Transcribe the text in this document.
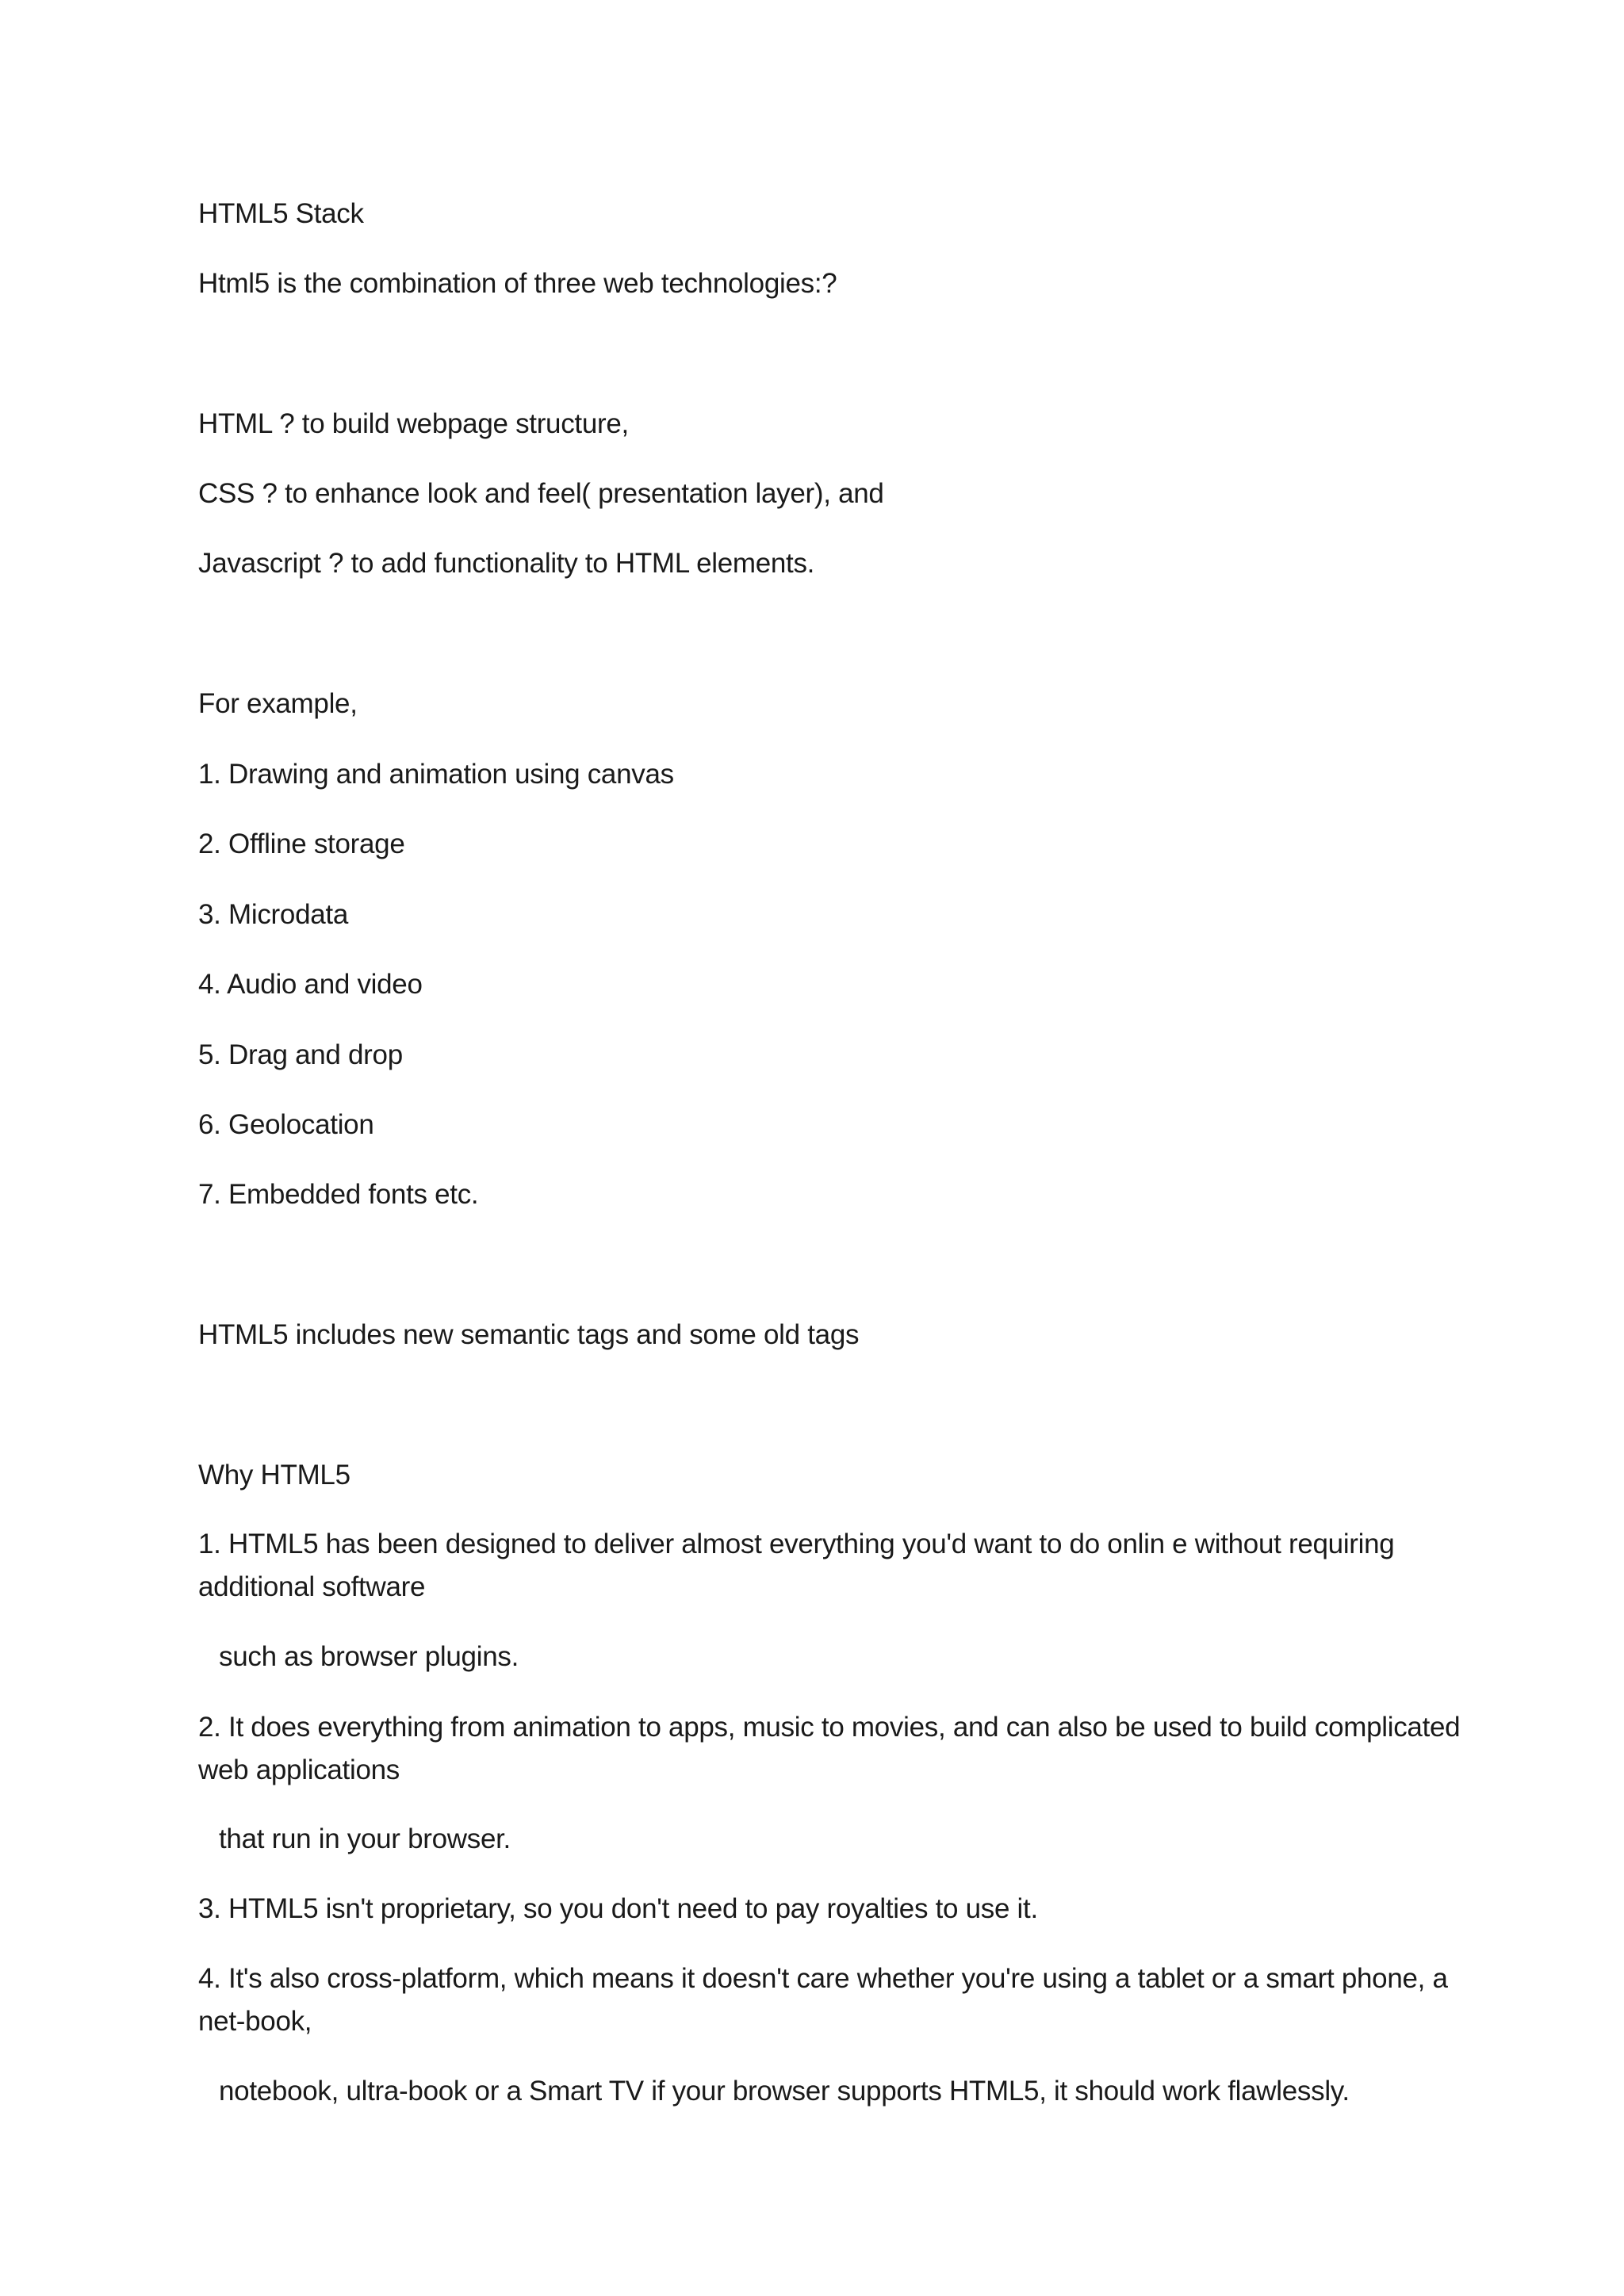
HTML5 Stack
Html5 is the combination of three web technologies:?
HTML ? to build webpage structure,
CSS ? to enhance look and feel( presentation layer), and
Javascript ? to add functionality to HTML elements.
For example,
1. Drawing and animation using canvas
2. Offline storage
3. Microdata
4. Audio and video
5. Drag and drop
6. Geolocation
7. Embedded fonts etc.
HTML5 includes new semantic tags and some old tags
Why HTML5
1. HTML5 has been designed to deliver almost everything you'd want to do onlin e without requiring additional software
such as browser plugins.
2. It does everything from animation to apps, music to movies, and can also be used to build complicated web applications
that run in your browser.
3. HTML5 isn't proprietary, so you don't need to pay royalties to use it.
4. It's also cross-platform, which means it doesn't care whether you're using a tablet or a smart phone, a net-book,
notebook, ultra-book or a Smart TV if your browser supports HTML5, it should work flawlessly.
